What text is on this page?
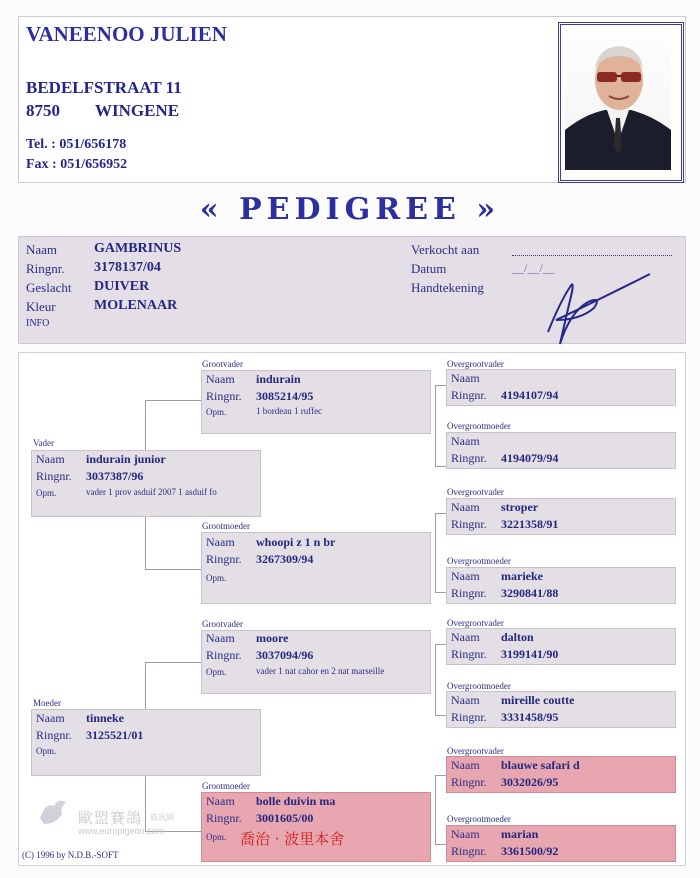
VANEENOO JULIEN
BEDELFSTRAAT 11
8750 WINGENE
Tel. : 051/656178
Fax : 051/656952
« PEDIGREE »
Naam	GAMBRINUS
Ringnr. 3178137/04
Geslacht DUIVER
Kleur	MOLENAAR
INFO
Verkocht aan
Datum	__/__/__
Handtekening
Vader
Naam indurain junior
Ringnr. 3037387/96
Opm.	vader 1 prov asduif 2007 1 asduif fo
Moeder
Naam tinneke
Ringnr. 3125521/01
Opm.
Grootvader
Naam indurain
Ringnr. 3085214/95
Opm.	1 bordeau 1 ruffec
Grootmoeder
Naam whoopi z 1 n br
Ringnr. 3267309/94
Opm.
Grootvader
Naam moore
Ringnr. 3037094/96
Opm.	vader 1 nat cahor en 2 nat marseille
Grootmoeder
Naam bolle duivin ma
Ringnr. 3001605/00
Opm. 喬治 · 波里本舍
Overgrootvader
Naam
Ringnr. 4194107/94
Overgrootmoeder
Naam
Ringnr. 4194079/94
Overgrootvader
Naam stroper
Ringnr. 3221358/91
Overgrootmoeder
Naam marieke
Ringnr. 3290841/88
Overgrootvader
Naam dalton
Ringnr. 3199141/90
Overgrootmoeder
Naam mireille coutte
Ringnr. 3331458/95
Overgrootvader
Naam blauwe safari d
Ringnr. 3032026/95
Overgrootmoeder
Naam marian
Ringnr. 3361500/92
歐盟賽鴿 資訊網
www.europigeon.com
(C) 1996 by N.D.B.-SOFT
